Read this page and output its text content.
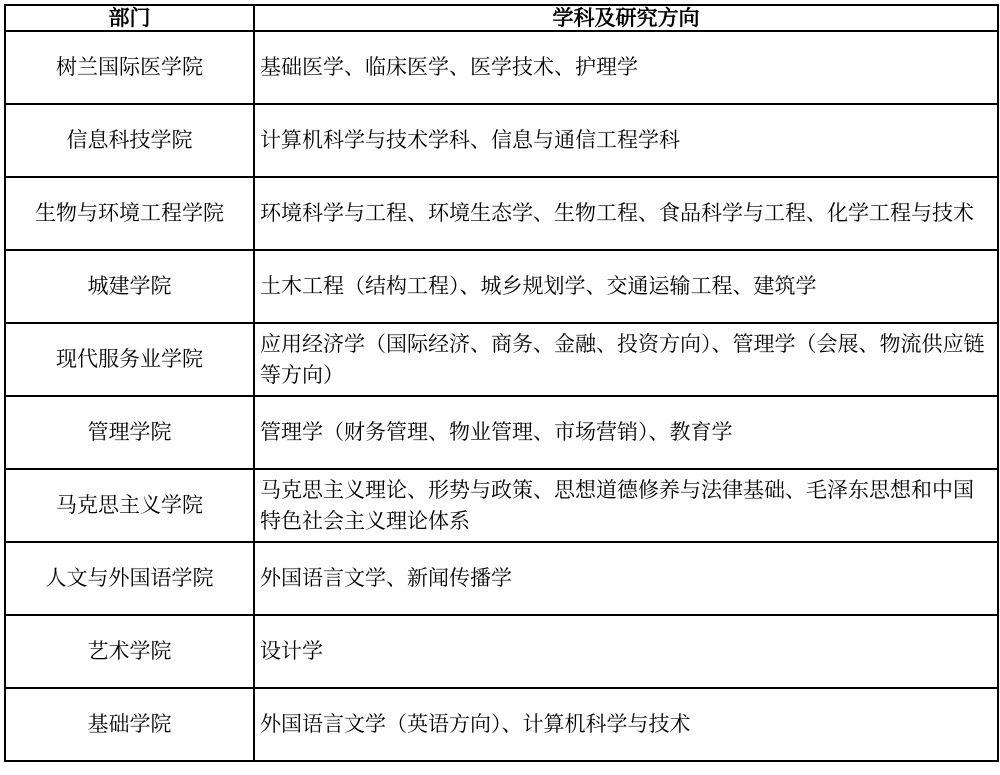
部门	学科及研究方向
树兰国际医学院	基础医学、临床医学、医学技术、护理学
信息科技学院	计算机科学与技术学科、信息与通信工程学科
生物与环境工程学院	环境科学与工程、环境生态学、生物工程、食品科学与工程、化学工程与技术
城建学院	土木工程（结构工程）、城乡规划学、交通运输工程、建筑学
现代服务业学院	应用经济学（国际经济、商务、金融、投资方向）、管理学（会展、物流供应链等方向）
管理学院	管理学（财务管理、物业管理、市场营销）、教育学
马克思主义学院	马克思主义理论、形势与政策、思想道德修养与法律基础、毛泽东思想和中国特色社会主义理论体系
人文与外国语学院	外国语言文学、新闻传播学
艺术学院	设计学
基础学院	外国语言文学（英语方向）、计算机科学与技术
